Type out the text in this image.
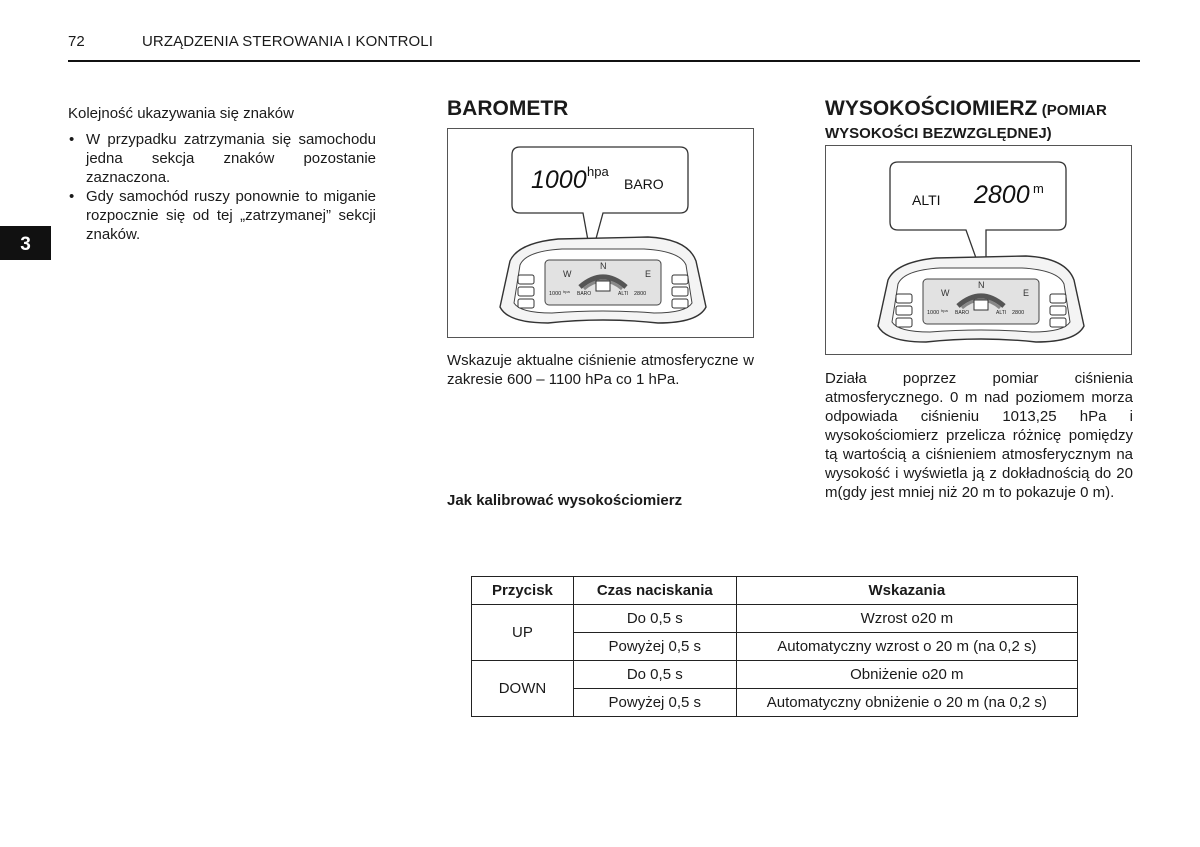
72	URZĄDZENIA STEROWANIA I KONTROLI
3

Kolejność ukazywania się znaków

• W przypadku zatrzymania się samochodu jedna sekcja znaków pozostanie zaznaczona.
• Gdy samochód ruszy ponownie to miganie rozpocznie się od tej „zatrzymanej” sekcji znaków.
BAROMETR
1000 hpa
BARO
W
N
E
1000 hpa BARO	ALTI 2800
Wskazuje aktualne ciśnienie atmosferyczne w zakresie 600 – 1100 hPa co 1 hPa.
Jak kalibrować wysokościomierz
WYSOKOŚCIOMIERZ (POMIAR
WYSOKOŚCI BEZWZGLĘDNEJ)
ALTI 2800 m
W
N
E
1000 hpa BARO	ALTI 2800
Działa poprzez pomiar ciśnienia atmosferycznego. 0 m nad poziomem morza odpowiada ciśnieniu 1013,25 hPa i wysokościomierz przelicza różnicę pomiędzy tą wartością a ciśnieniem atmosferycznym na wysokość i wyświetla ją z dokładnością do 20 m(gdy jest mniej niż 20 m to pokazuje 0 m).
Przycisk	Czas naciskania	Wskazania
UP	Do 0,5 s	Wzrost o20 m
	Powyżej 0,5 s	Automatyczny wzrost o 20 m (na 0,2 s)
DOWN	Do 0,5 s	Obniżenie o20 m
	Powyżej 0,5 s	Automatyczny obniżenie o 20 m (na 0,2 s)
